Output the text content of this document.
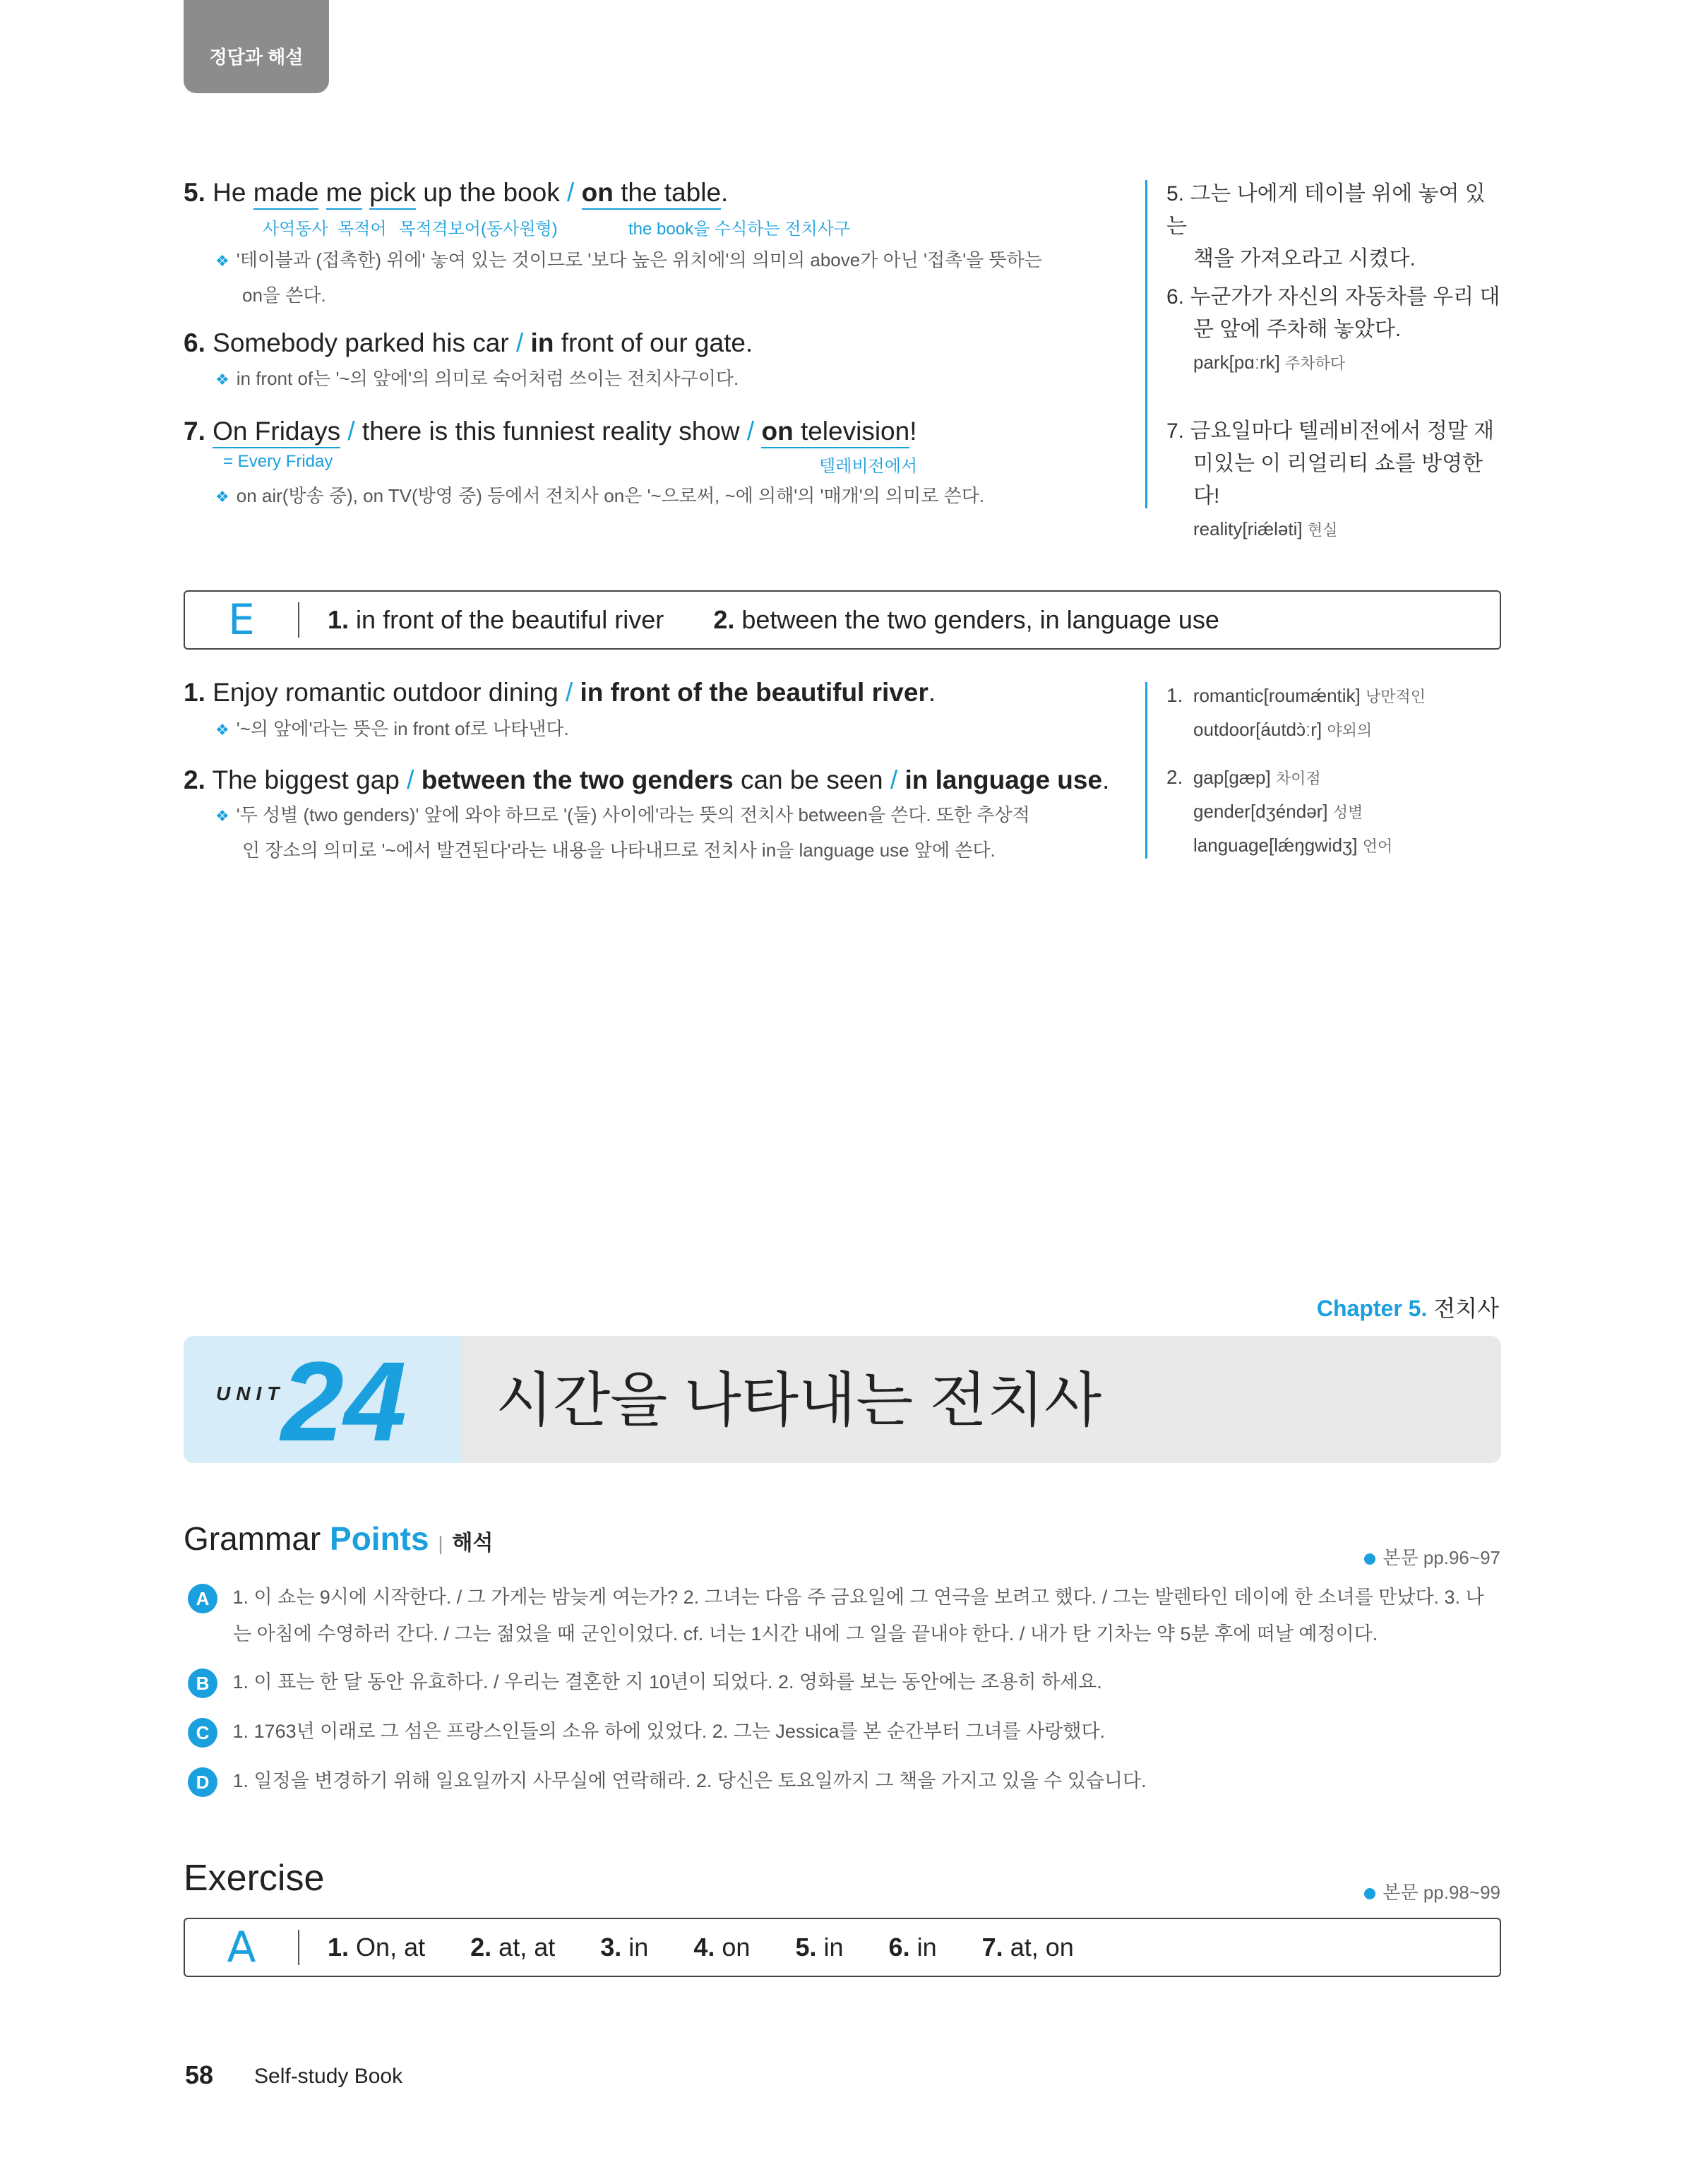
정답과 해설
5. He made me pick up the book / on the table.
사역동사 목적어 목적격보어(동사원형)	the book을 수식하는 전치사구
❖ '테이블과 (접촉한) 위에' 놓여 있는 것이므로 '보다 높은 위치에'의 의미의 above가 아닌 '접촉'을 뜻하는
on을 쓴다.
6. Somebody parked his car / in front of our gate.
❖ in front of는 '~의 앞에'의 의미로 숙어처럼 쓰이는 전치사구이다.
7. On Fridays / there is this funniest reality show / on television!
= Every Friday	텔레비전에서
❖ on air(방송 중), on TV(방영 중) 등에서 전치사 on은 '~으로써, ~에 의해'의 '매개'의 의미로 쓴다.
5. 그는 나에게 테이블 위에 놓여 있는
책을 가져오라고 시켰다.
6. 누군가가 자신의 자동차를 우리 대
문 앞에 주차해 놓았다.
park[pɑːrk] 주차하다
7. 금요일마다 텔레비전에서 정말 재
미있는 이 리얼리티 쇼를 방영한다!
reality[riǽləti] 현실
E	1. in front of the beautiful river 2. between the two genders, in language use
1. Enjoy romantic outdoor dining / in front of the beautiful river.
❖ '~의 앞에'라는 뜻은 in front of로 나타낸다.
2. The biggest gap / between the two genders can be seen / in language use.
❖ '두 성별 (two genders)' 앞에 와야 하므로 '(둘) 사이에'라는 뜻의 전치사 between을 쓴다. 또한 추상적
인 장소의 의미로 '~에서 발견된다'라는 내용을 나타내므로 전치사 in을 language use 앞에 쓴다.
1. romantic[roumǽntik] 낭만적인
outdoor[áutdɔ̀ːr] 야외의
2. gap[gæp] 차이점
gender[dʒéndər] 성별
language[lǽŋgwidʒ] 언어
Chapter 5. 전치사
UNIT
24 시간을 나타내는 전치사
Grammar Points | 해석
본문 pp.96~97
A 1. 이 쇼는 9시에 시작한다. / 그 가게는 밤늦게 여는가? 2. 그녀는 다음 주 금요일에 그 연극을 보려고 했다. / 그는 발렌타인 데이에 한 소녀를 만났다. 3. 나
는 아침에 수영하러 간다. / 그는 젊었을 때 군인이었다. cf. 너는 1시간 내에 그 일을 끝내야 한다. / 내가 탄 기차는 약 5분 후에 떠날 예정이다.
B 1. 이 표는 한 달 동안 유효하다. / 우리는 결혼한 지 10년이 되었다. 2. 영화를 보는 동안에는 조용히 하세요.
C 1. 1763년 이래로 그 섬은 프랑스인들의 소유 하에 있었다. 2. 그는 Jessica를 본 순간부터 그녀를 사랑했다.
D 1. 일정을 변경하기 위해 일요일까지 사무실에 연락해라. 2. 당신은 토요일까지 그 책을 가지고 있을 수 있습니다.
Exercise	본문 pp.98~99
A	1. On, at 2. at, at 3. in 4. on 5. in 6. in 7. at, on
58 Self-study Book
